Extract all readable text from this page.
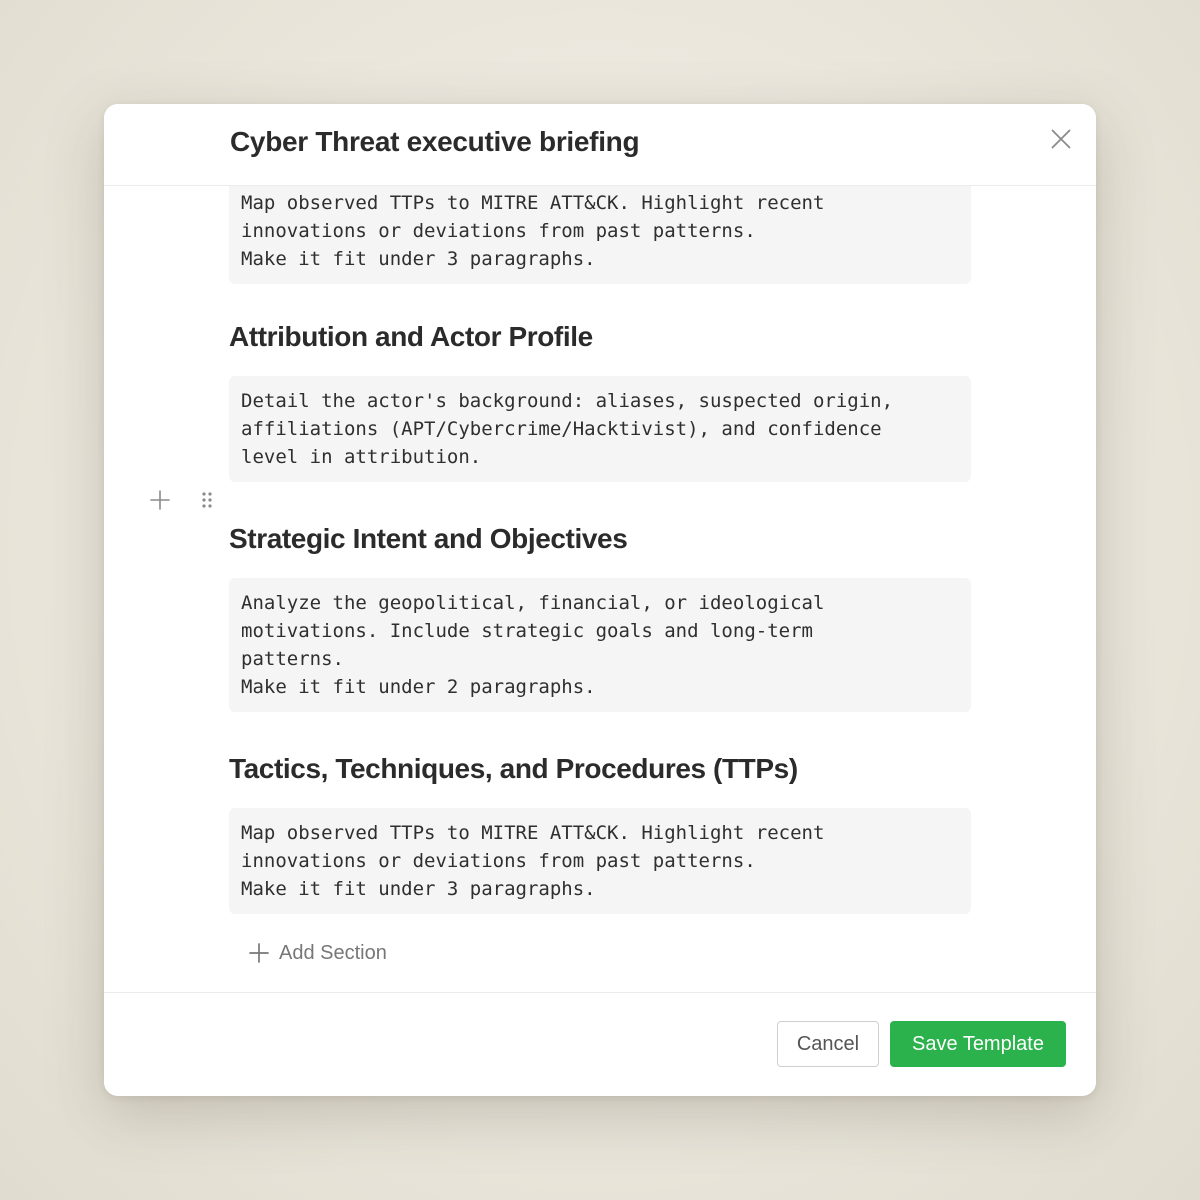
Cyber Threat executive briefing
Map observed TTPs to MITRE ATT&CK. Highlight recent
innovations or deviations from past patterns.
Make it fit under 3 paragraphs.
Attribution and Actor Profile
Detail the actor's background: aliases, suspected origin,
affiliations (APT/Cybercrime/Hacktivist), and confidence
level in attribution.
Strategic Intent and Objectives
Analyze the geopolitical, financial, or ideological
motivations. Include strategic goals and long-term
patterns.
Make it fit under 2 paragraphs.
Tactics, Techniques, and Procedures (TTPs)
Map observed TTPs to MITRE ATT&CK. Highlight recent
innovations or deviations from past patterns.
Make it fit under 3 paragraphs.
Add Section
Cancel	Save Template
